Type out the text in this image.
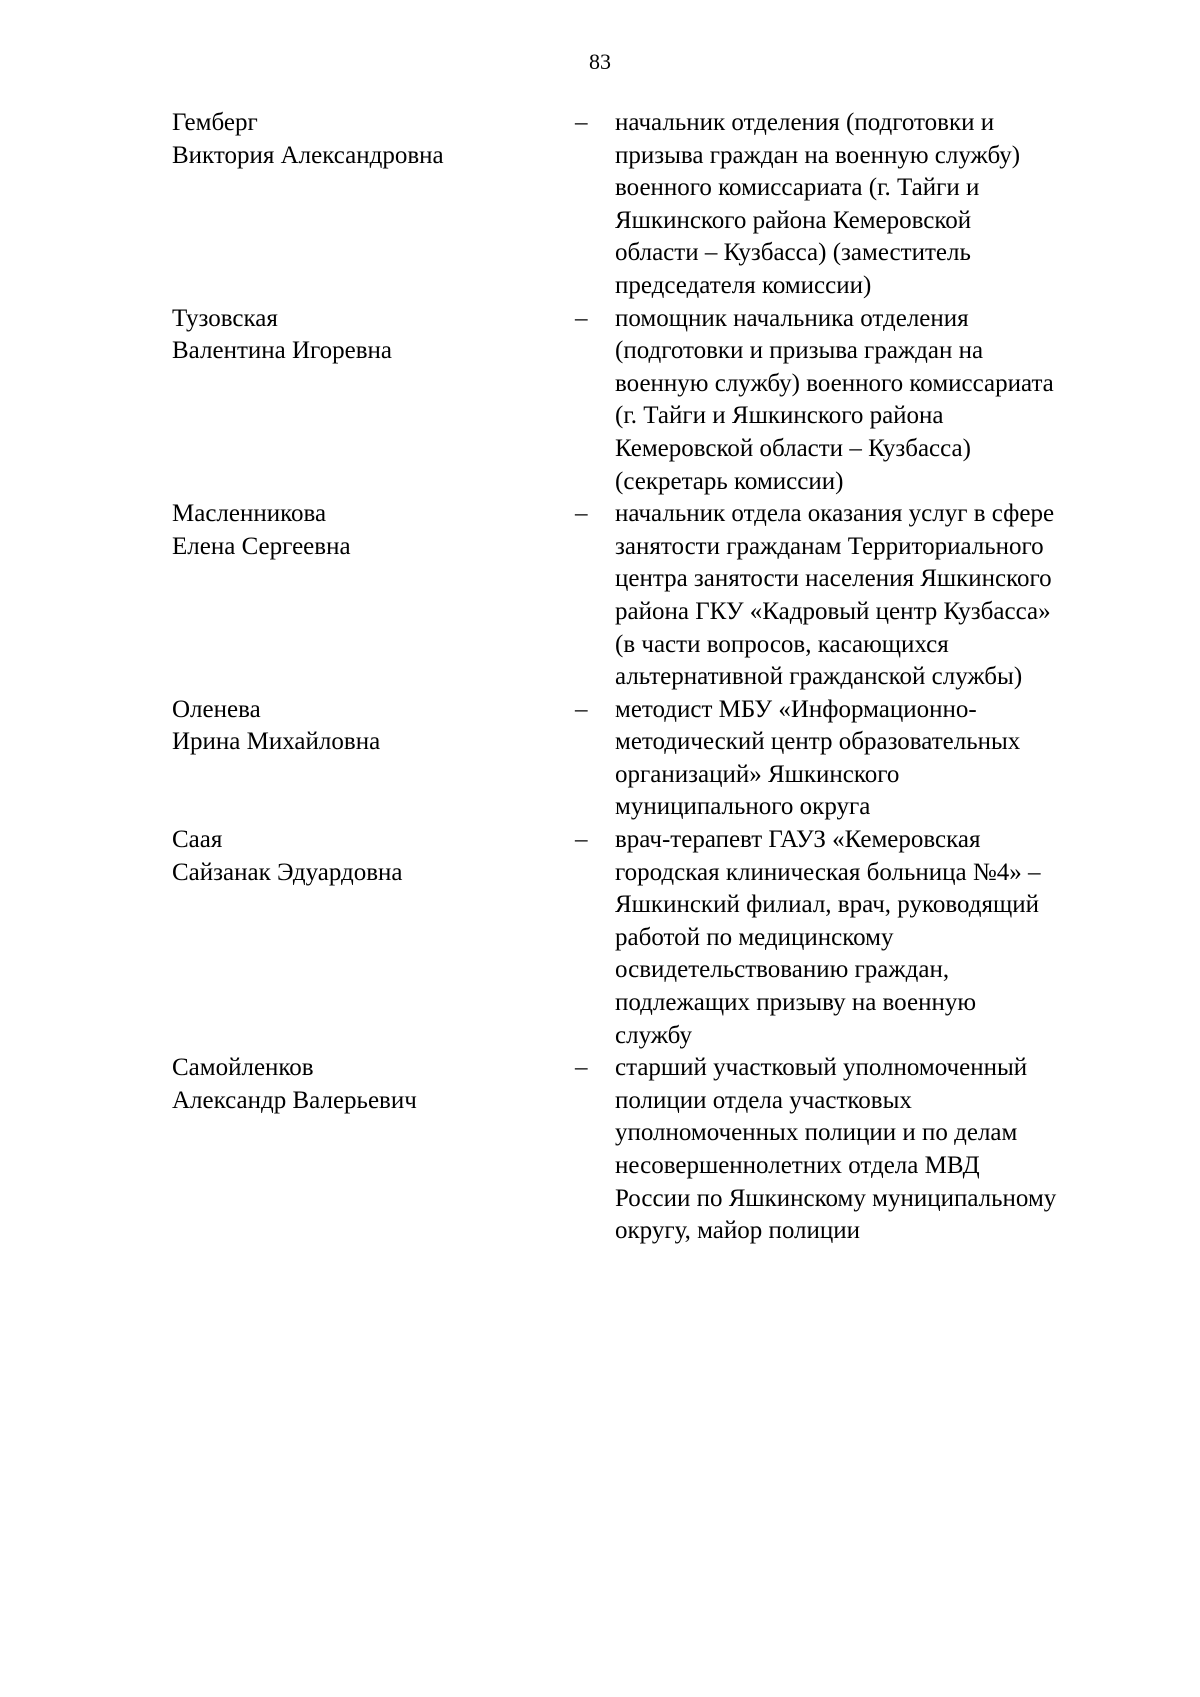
83
Гемберг
Виктория Александровна
– начальник отделения (подготовки и
призыва граждан на военную службу)
военного комиссариата (г. Тайги и
Яшкинского района Кемеровской
области – Кузбасса) (заместитель
председателя комиссии)
Тузовская
Валентина Игоревна
– помощник начальника отделения
(подготовки и призыва граждан на
военную службу) военного комиссариата
(г. Тайги и Яшкинского района
Кемеровской области – Кузбасса)
(секретарь комиссии)
Масленникова
Елена Сергеевна
– начальник отдела оказания услуг в сфере
занятости гражданам Территориального
центра занятости населения Яшкинского
района ГКУ «Кадровый центр Кузбасса»
(в части вопросов, касающихся
альтернативной гражданской службы)
Оленева
Ирина Михайловна
– методист МБУ «Информационно-
методический центр образовательных
организаций» Яшкинского
муниципального округа
Саая
Сайзанак Эдуардовна
– врач-терапевт ГАУЗ «Кемеровская
городская клиническая больница №4» –
Яшкинский филиал, врач, руководящий
работой по медицинскому
освидетельствованию граждан,
подлежащих призыву на военную
службу
Самойленков
Александр Валерьевич
– старший участковый уполномоченный
полиции отдела участковых
уполномоченных полиции и по делам
несовершеннолетних отдела МВД
России по Яшкинскому муниципальному
округу, майор полиции
